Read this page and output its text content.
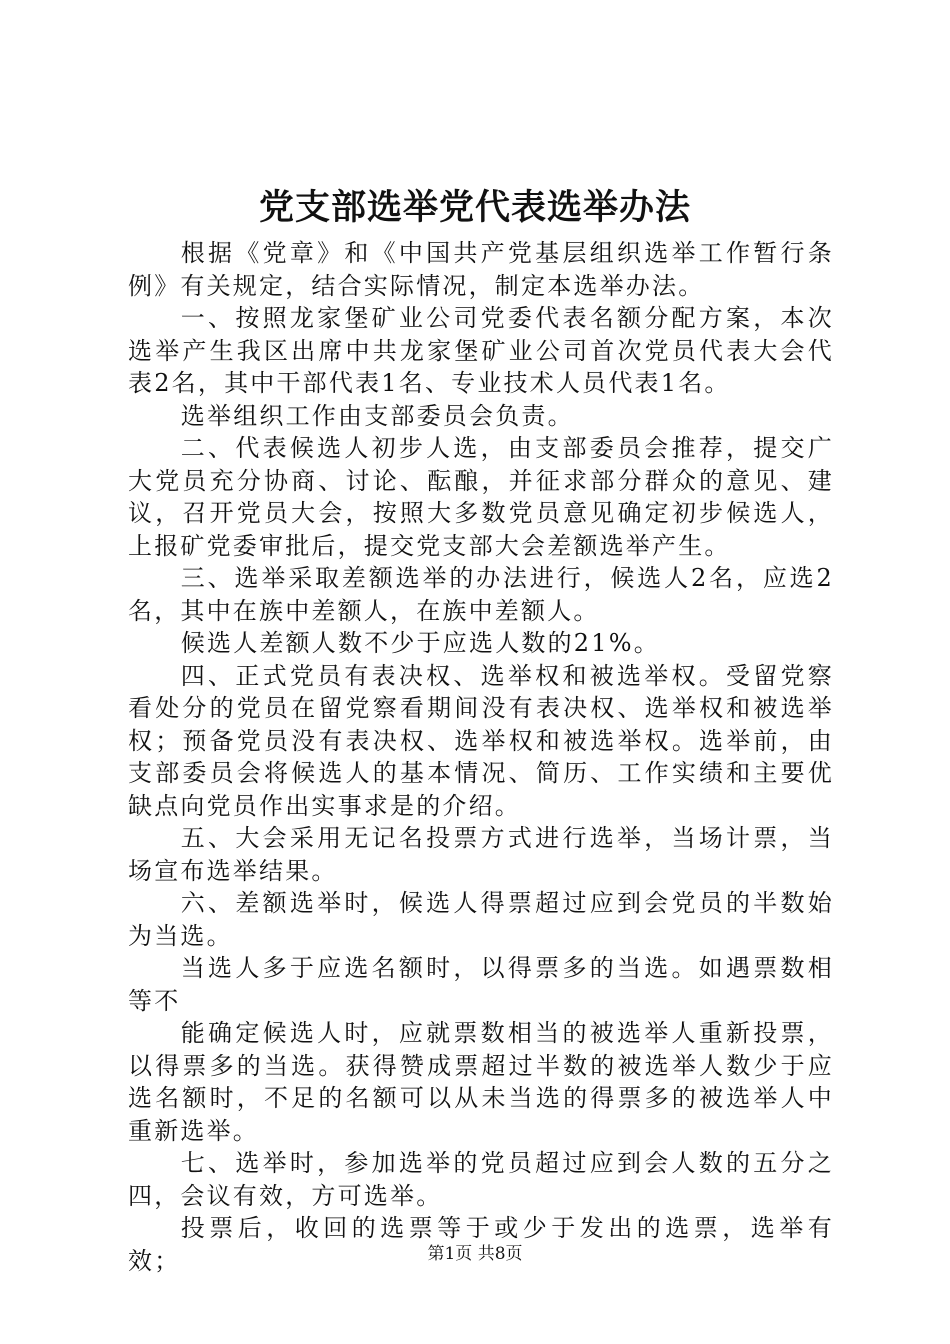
党支部选举党代表选举办法

根据《党章》和《中国共产党基层组织选举工作暂行条例》有关规定，结合实际情况，制定本选举办法。

一、按照龙家堡矿业公司党委代表名额分配方案，本次选举产生我区出席中共龙家堡矿业公司首次党员代表大会代表2名，其中干部代表1名、专业技术人员代表1名。

选举组织工作由支部委员会负责。

二、代表候选人初步人选，由支部委员会推荐，提交广大党员充分协商、讨论、酝酿，并征求部分群众的意见、建议，召开党员大会，按照大多数党员意见确定初步候选人，上报矿党委审批后，提交党支部大会差额选举产生。

三、选举采取差额选举的办法进行，候选人2名，应选2名，其中在族中差额人，在族中差额人。

候选人差额人数不少于应选人数的21%。

四、正式党员有表决权、选举权和被选举权。受留党察看处分的党员在留党察看期间没有表决权、选举权和被选举权；预备党员没有表决权、选举权和被选举权。选举前，由支部委员会将候选人的基本情况、简历、工作实绩和主要优缺点向党员作出实事求是的介绍。

五、大会采用无记名投票方式进行选举，当场计票，当场宣布选举结果。

六、差额选举时，候选人得票超过应到会党员的半数始为当选。

当选人多于应选名额时，以得票多的当选。如遇票数相等不

能确定候选人时，应就票数相当的被选举人重新投票，以得票多的当选。获得赞成票超过半数的被选举人数少于应选名额时，不足的名额可以从未当选的得票多的被选举人中重新选举。

七、选举时，参加选举的党员超过应到会人数的五分之四，会议有效，方可选举。

投票后，收回的选票等于或少于发出的选票，选举有效；	第1页 共8页
